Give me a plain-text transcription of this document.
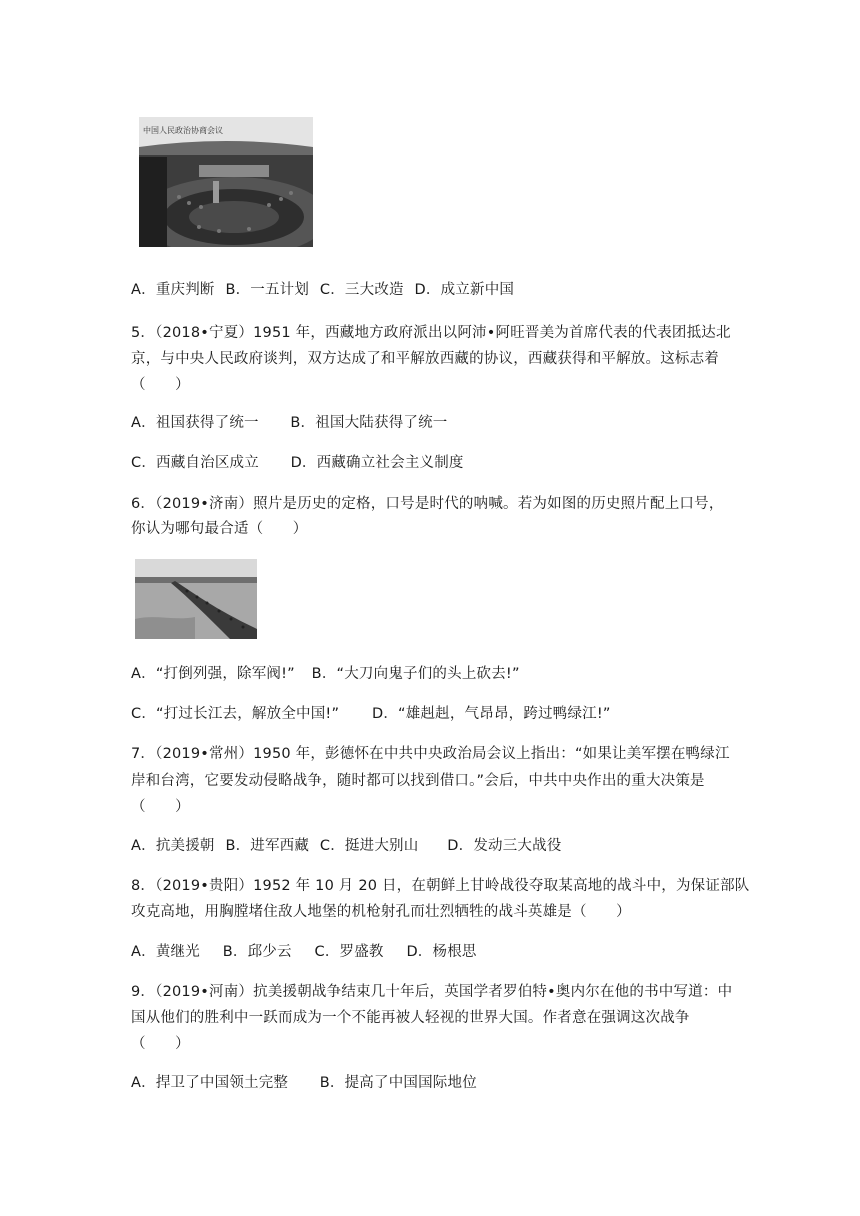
中国人民政治协商会议
A．重庆判断 B．一五计划 C．三大改造 D．成立新中国
5．（2018•宁夏）1951 年，西藏地方政府派出以阿沛•阿旺晋美为首席代表的代表团抵达北
京，与中央人民政府谈判，双方达成了和平解放西藏的协议，西藏获得和平解放。这标志着
（　　）
A．祖国获得了统一 B．祖国大陆获得了统一
C．西藏自治区成立 D．西藏确立社会主义制度
6．（2019•济南）照片是历史的定格，口号是时代的呐喊。若为如图的历史照片配上口号，
你认为哪句最合适（　　）
A．“打倒列强，除军阀!” B．“大刀向鬼子们的头上砍去!”
C．“打过长江去，解放全中国!” D．“雄赳赳，气昂昂，跨过鸭绿江!”
7．（2019•常州）1950 年，彭德怀在中共中央政治局会议上指出：“如果让美军摆在鸭绿江
岸和台湾，它要发动侵略战争，随时都可以找到借口。”会后，中共中央作出的重大决策是
（　　）
A．抗美援朝 B．进军西藏 C．挺进大别山 D．发动三大战役
8．（2019•贵阳）1952 年 10 月 20 日，在朝鲜上甘岭战役夺取某高地的战斗中，为保证部队
攻克高地，用胸膛堵住敌人地堡的机枪射孔而壮烈牺牲的战斗英雄是（　　）
A．黄继光 B．邱少云 C．罗盛教 D．杨根思
9．（2019•河南）抗美援朝战争结束几十年后，英国学者罗伯特•奥内尔在他的书中写道：中
国从他们的胜利中一跃而成为一个不能再被人轻视的世界大国。作者意在强调这次战争
（　　）
A．捍卫了中国领土完整 B．提高了中国国际地位
